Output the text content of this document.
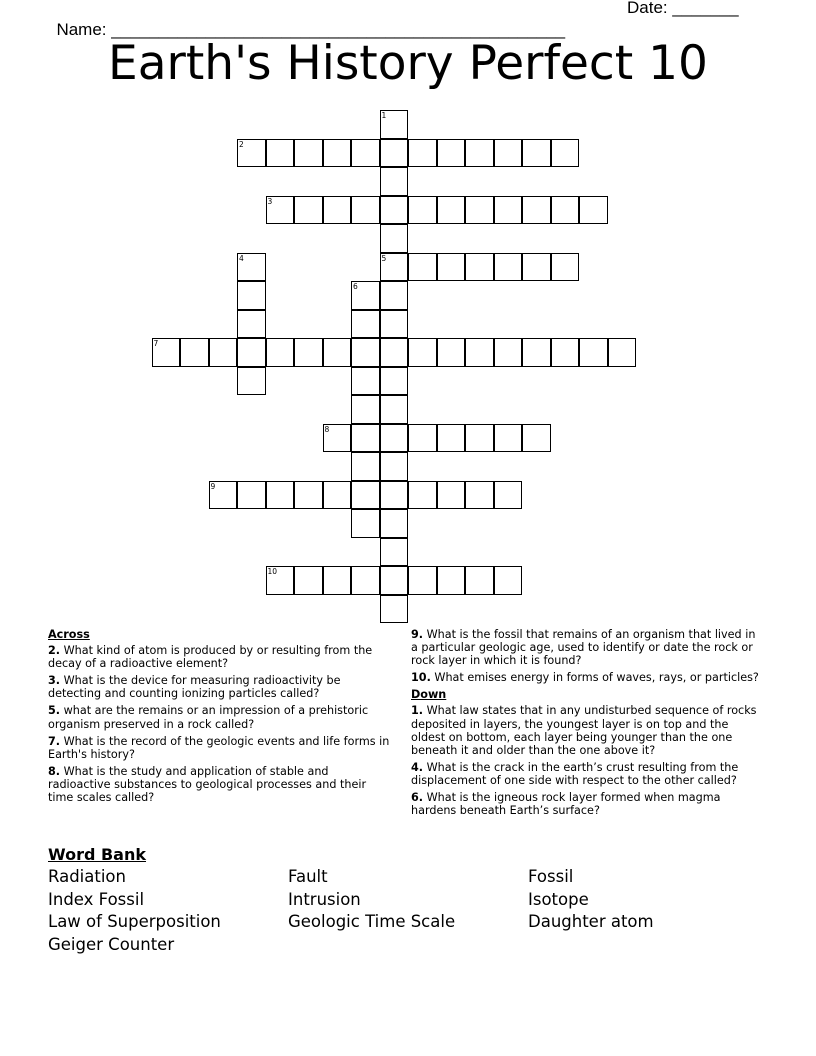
Name: ________________________________________________

Date: _______

Earth's History Perfect 10
1
2
3
4	5
6
7
8
9
10
Across
2. What kind of atom is produced by or resulting from the decay of a radioactive element?
3. What is the device for measuring radioactivity be detecting and counting ionizing particles called?
5. what are the remains or an impression of a prehistoric organism preserved in a rock called?
7. What is the record of the geologic events and life forms in Earth's history?
8. What is the study and application of stable and radioactive substances to geological processes and their time scales called?
9. What is the fossil that remains of an organism that lived in a particular geologic age, used to identify or date the rock or rock layer in which it is found?
10. What emises energy in forms of waves, rays, or particles?
Down
1. What law states that in any undisturbed sequence of rocks deposited in layers, the youngest layer is on top and the oldest on bottom, each layer being younger than the one beneath it and older than the one above it?
4. What is the crack in the earth’s crust resulting from the displacement of one side with respect to the other called?
6. What is the igneous rock layer formed when magma hardens beneath Earth’s surface?
Word Bank
Radiation	Fault	Fossil
Index Fossil	Intrusion	Isotope
Law of Superposition	Geologic Time Scale	Daughter atom
Geiger Counter
